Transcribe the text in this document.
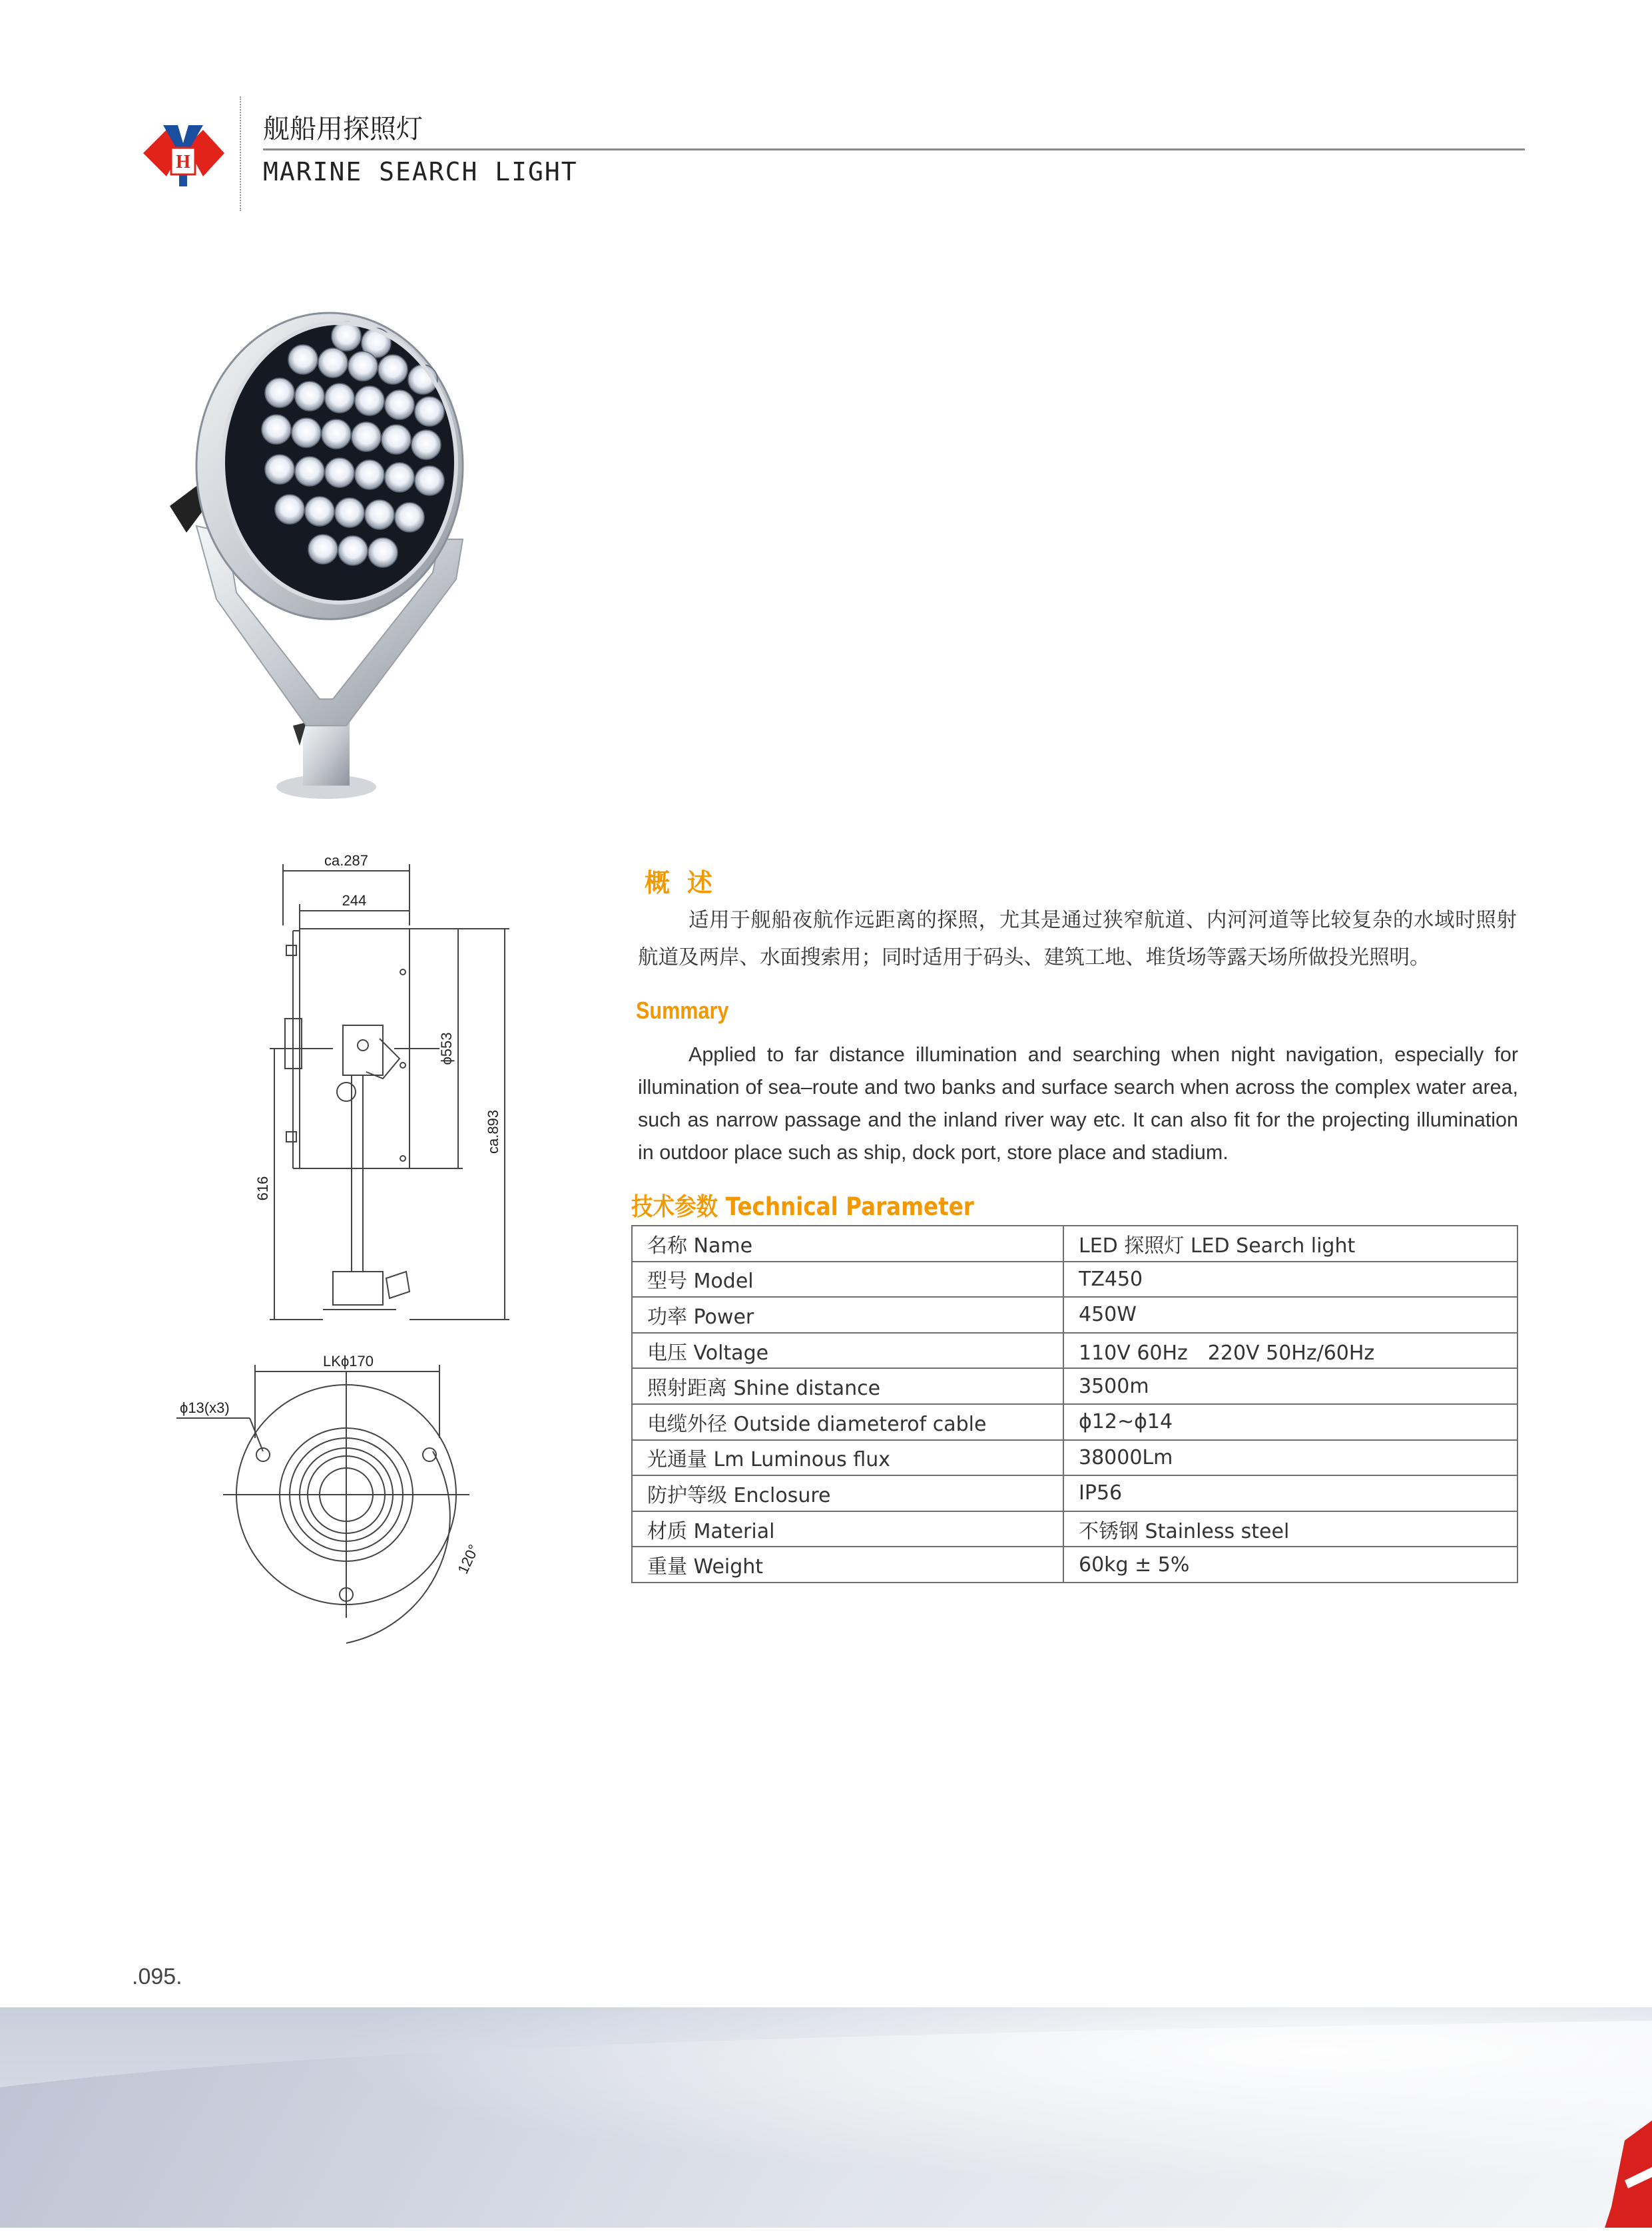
H
舰船用探照灯
MARINE SEARCH LIGHT
ca.287
244
ϕ553
ca.893
616
LKϕ170
ϕ13(x3)
120°
概述
适用于舰船夜航作远距离的探照，尤其是通过狭窄航道、内河河道等比较复杂的水域时照射航道及两岸、水面搜索用；同时适用于码头、建筑工地、堆货场等露天场所做投光照明。
Summary
Applied to far distance illumination and searching when night navigation, especially for illumination of sea–route and two banks and surface search when across the complex water area, such as narrow passage and the inland river way etc. It can also fit for the projecting illumination in outdoor place such as ship, dock port, store place and stadium.
技术参数 Technical Parameter
名称 Name	LED 探照灯 LED Search light
型号 Model	TZ450
功率 Power	450W
电压 Voltage	110V 60Hz　220V 50Hz/60Hz
照射距离 Shine distance	3500m
电缆外径 Outside diameterof cable	ϕ12~ϕ14
光通量 Lm Luminous flux	38000Lm
防护等级 Enclosure	IP56
材质 Material	不锈钢 Stainless steel
重量 Weight	60kg ± 5%
.095.
